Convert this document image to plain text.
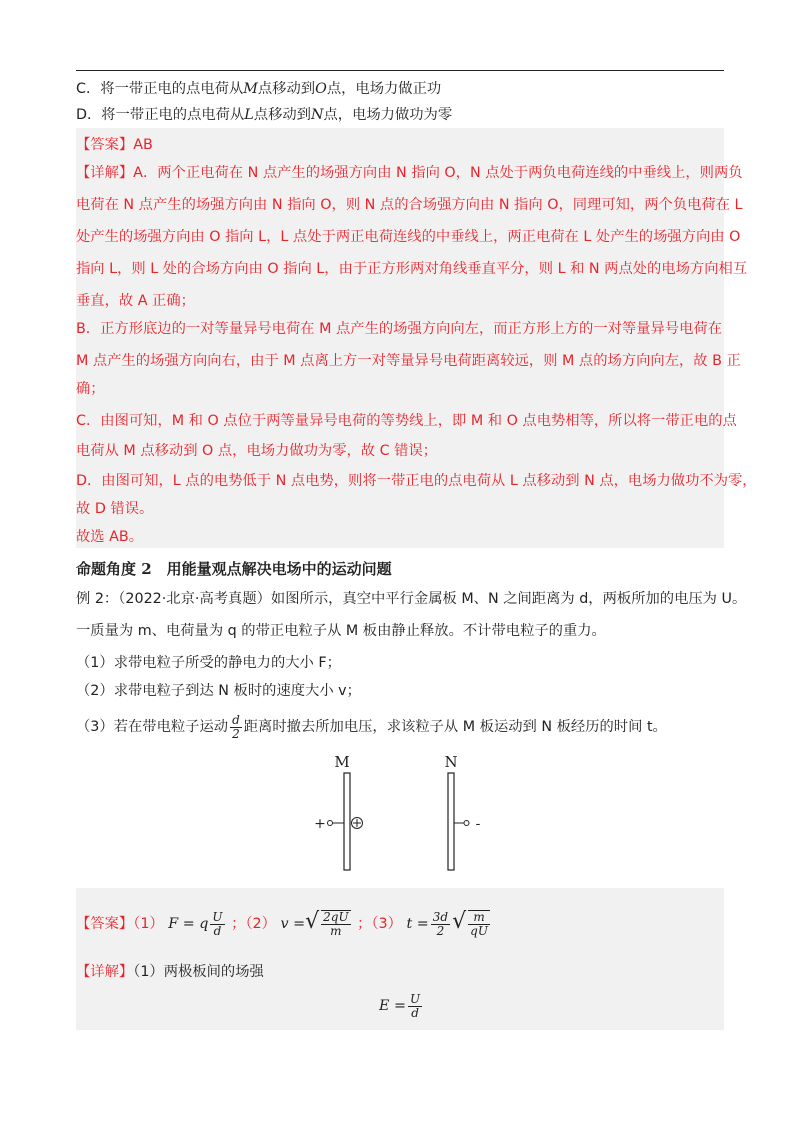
C．将一带正电的点电荷从M点移动到O点，电场力做正功
D．将一带正电的点电荷从L点移动到N点，电场力做功为零
【答案】AB
【详解】A．两个正电荷在 N 点产生的场强方向由 N 指向 O，N 点处于两负电荷连线的中垂线上，则两负
电荷在 N 点产生的场强方向由 N 指向 O，则 N 点的合场强方向由 N 指向 O，同理可知，两个负电荷在 L
处产生的场强方向由 O 指向 L，L 点处于两正电荷连线的中垂线上，两正电荷在 L 处产生的场强方向由 O
指向 L，则 L 处的合场方向由 O 指向 L，由于正方形两对角线垂直平分，则 L 和 N 两点处的电场方向相互
垂直，故 A 正确；
B．正方形底边的一对等量异号电荷在 M 点产生的场强方向向左，而正方形上方的一对等量异号电荷在
M 点产生的场强方向向右，由于 M 点离上方一对等量异号电荷距离较远，则 M 点的场方向向左，故 B 正
确；
C．由图可知，M 和 O 点位于两等量异号电荷的等势线上，即 M 和 O 点电势相等，所以将一带正电的点
电荷从 M 点移动到 O 点，电场力做功为零，故 C 错误；
D．由图可知，L 点的电势低于 N 点电势，则将一带正电的点电荷从 L 点移动到 N 点，电场力做功不为零，
故 D 错误。
故选 AB。
命题角度 2　用能量观点解决电场中的运动问题
例 2：（2022·北京·高考真题）如图所示，真空中平行金属板 M、N 之间距离为 d，两板所加的电压为 U。
一质量为 m、电荷量为 q 的带正电粒子从 M 板由静止释放。不计带电粒子的重力。
（1）求带电粒子所受的静电力的大小 F；
（2）求带电粒子到达 N 板时的速度大小 v；
（3）若在带电粒子运动 $\frac{d}{2}$ 距离时撤去所加电压，求该粒子从 M 板运动到 N 板经历的时间 t。
M	N
+	-
【答案】（1） F = q $\frac{U}{d}$ ；（2） v =√ $\frac{2qU}{m}$ ；（3） $t = \frac{3d}{2}$ √ $\frac{m}{qU}$
【详解】（1）两极板间的场强
$E = \frac{U}{d}$
